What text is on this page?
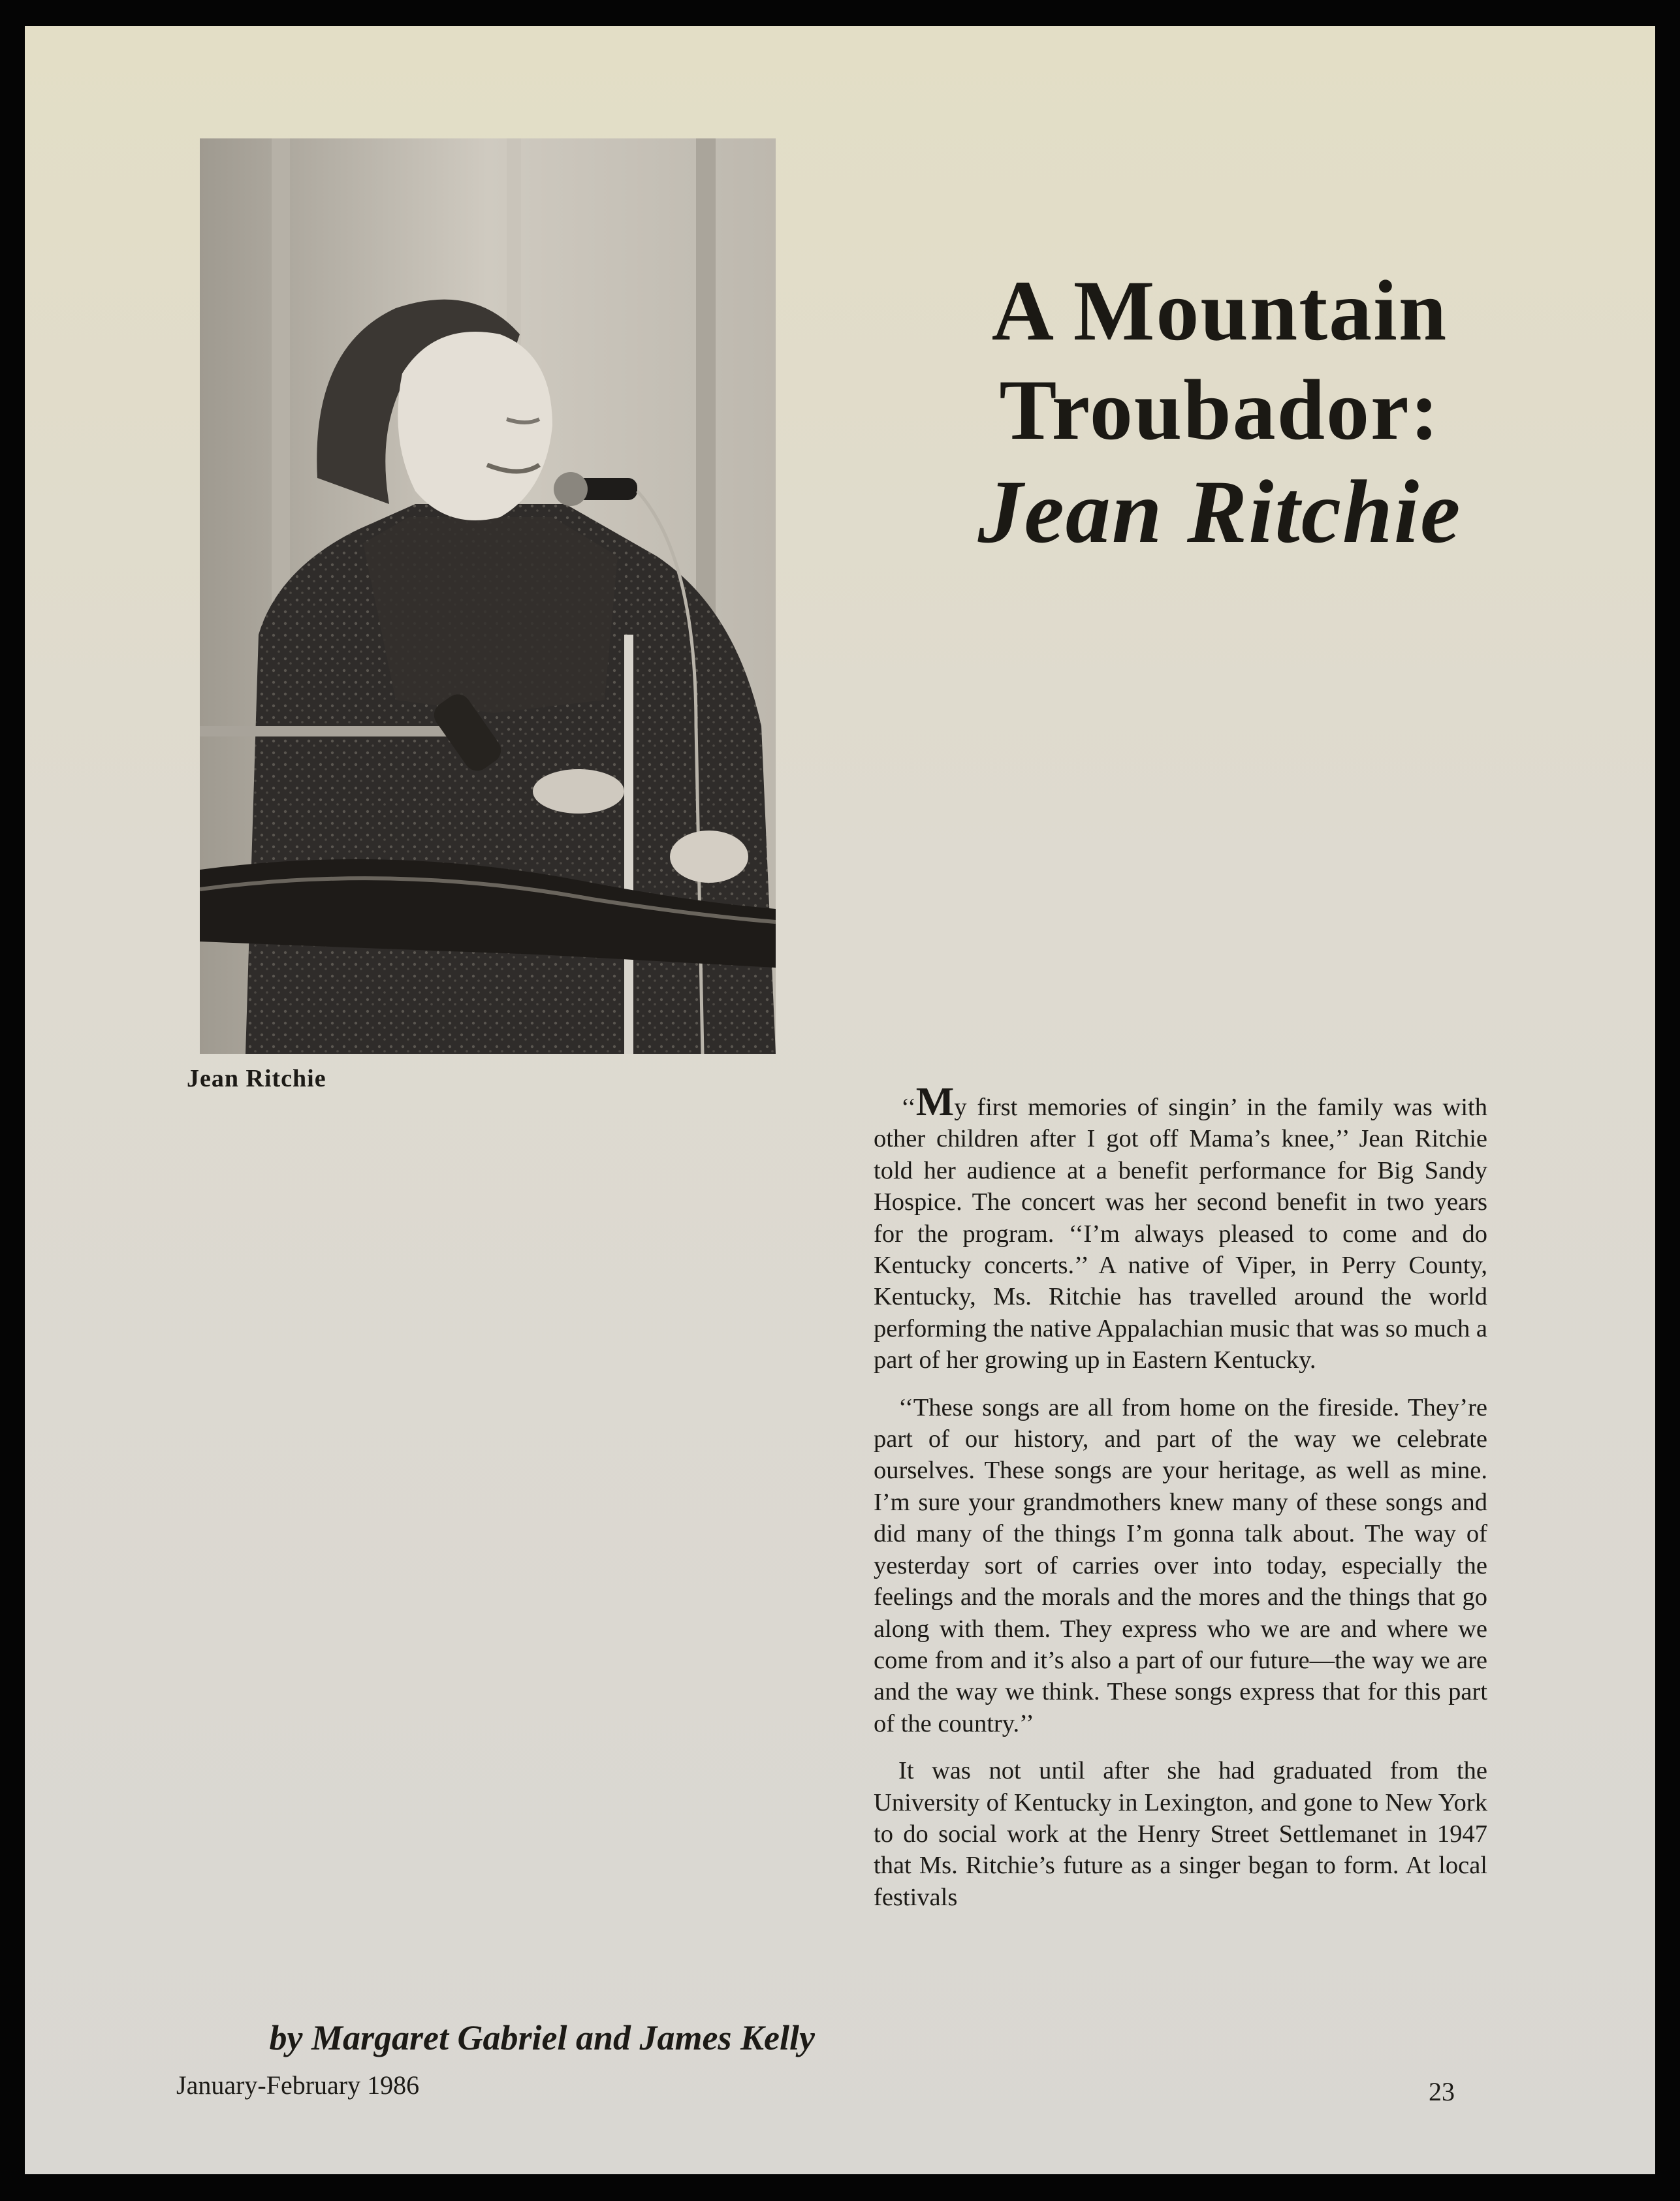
Jean Ritchie
A Mountain
Troubador:
Jean Ritchie

‘‘My first memories of singin’ in the family was with other children after I got off Mama’s knee,’’ Jean Ritchie told her audience at a benefit performance for Big Sandy Hospice. The concert was her second benefit in two years for the program. ‘‘I’m always pleased to come and do Kentucky concerts.’’ A native of Viper, in Perry County, Kentucky, Ms. Ritchie has travelled around the world performing the native Appalachian music that was so much a part of her growing up in Eastern Kentucky.

‘‘These songs are all from home on the fireside. They’re part of our history, and part of the way we celebrate ourselves. These songs are your heritage, as well as mine. I’m sure your grandmothers knew many of these songs and did many of the things I’m gonna talk about. The way of yesterday sort of carries over into today, especially the feelings and the morals and the mores and the things that go along with them. They express who we are and where we come from and it’s also a part of our future—the way we are and the way we think. These songs express that for this part of the country.’’

It was not until after she had graduated from the University of Kentucky in Lexington, and gone to New York to do social work at the Henry Street Settlemanet in 1947 that Ms. Ritchie’s future as a singer began to form. At local festivals

by Margaret Gabriel and James Kelly
January-February 1986	23
